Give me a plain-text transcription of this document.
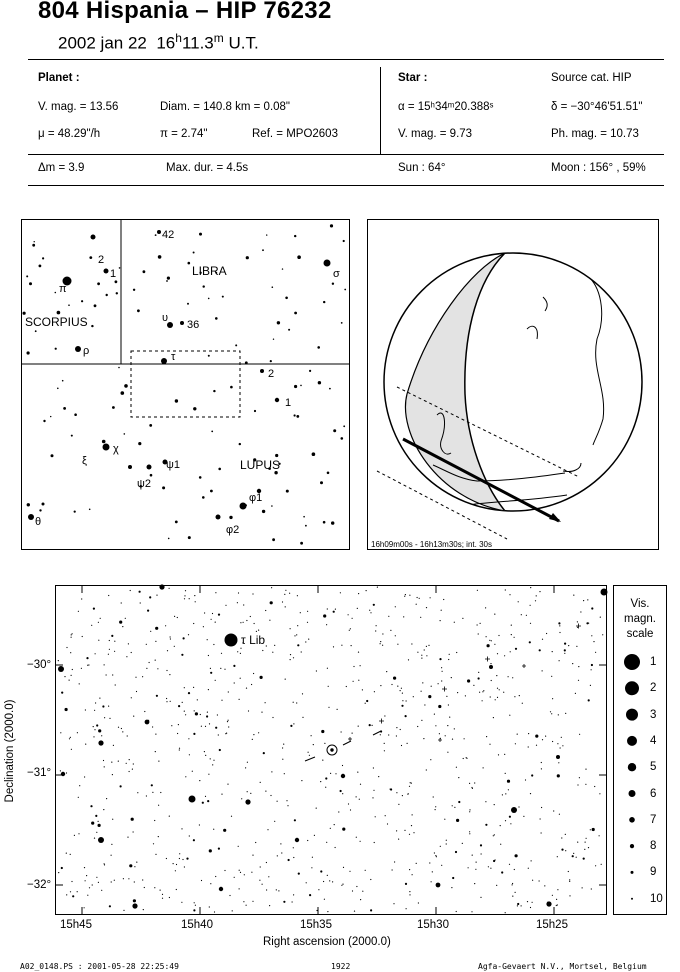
804 Hispania – HIP 76232
2002 jan 22 16$^h$11.3$^m$ U.T.
Planet :
V. mag. = 13.56	Diam. = 140.8 km = 0.08"
μ = 48.29"/h	π = 2.74"	Ref. = MPO2603
Δm = 3.9	Max. dur. = 4.5s
Star :	Source cat. HIP
α = 15ʰ34ᵐ20.388ˢ	δ = −30°46'51.51"
V. mag. = 9.73	Ph. mag. = 10.73
Sun : 64°	Moon : 156° , 59%
SCORPIUS
LIBRA
LUPUS
42
2
1
π
σ
υ
36
ρ	τ
2
1
χ
ξ	ψ1
ψ2
φ1
φ2
θ
16h09m00s - 16h13m30s; int. 30s
τ Lib
15h45	15h40	15h35	15h30	15h25
Right ascension (2000.0)
−30°
−31°
−32°
Declination (2000.0)
Vis.
magn.
scale
1
2
3
4
5
6
7
8
9
10
A02_0148.PS : 2001-05-28 22:25:49	1922	Agfa-Gevaert N.V., Mortsel, Belgium
